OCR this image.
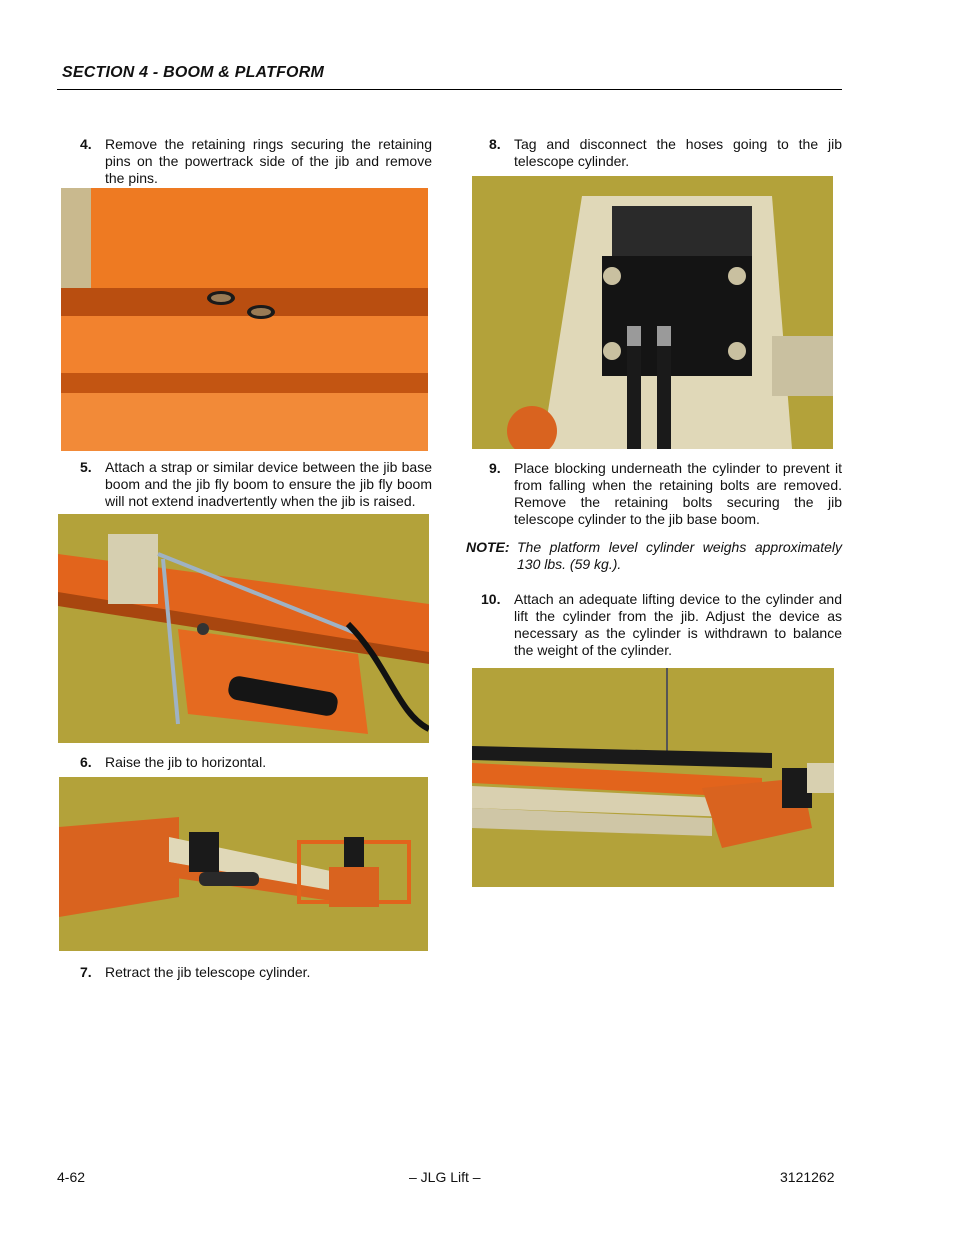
SECTION 4 - BOOM & PLATFORM
4. Remove the retaining rings securing the retaining pins on the powertrack side of the jib and remove the pins.
5. Attach a strap or similar device between the jib base boom and the jib fly boom to ensure the jib fly boom will not extend inadvertently when the jib is raised.
6. Raise the jib to horizontal.
7. Retract the jib telescope cylinder.
8. Tag and disconnect the hoses going to the jib telescope cylinder.
9. Place blocking underneath the cylinder to prevent it from falling when the retaining bolts are removed. Remove the retaining bolts securing the jib telescope cylinder to the jib base boom.
NOTE: The platform level cylinder weighs approximately 130 lbs. (59 kg.).
10. Attach an adequate lifting device to the cylinder and lift the cylinder from the jib. Adjust the device as necessary as the cylinder is withdrawn to balance the weight of the cylinder.
4-62	– JLG Lift –	3121262
